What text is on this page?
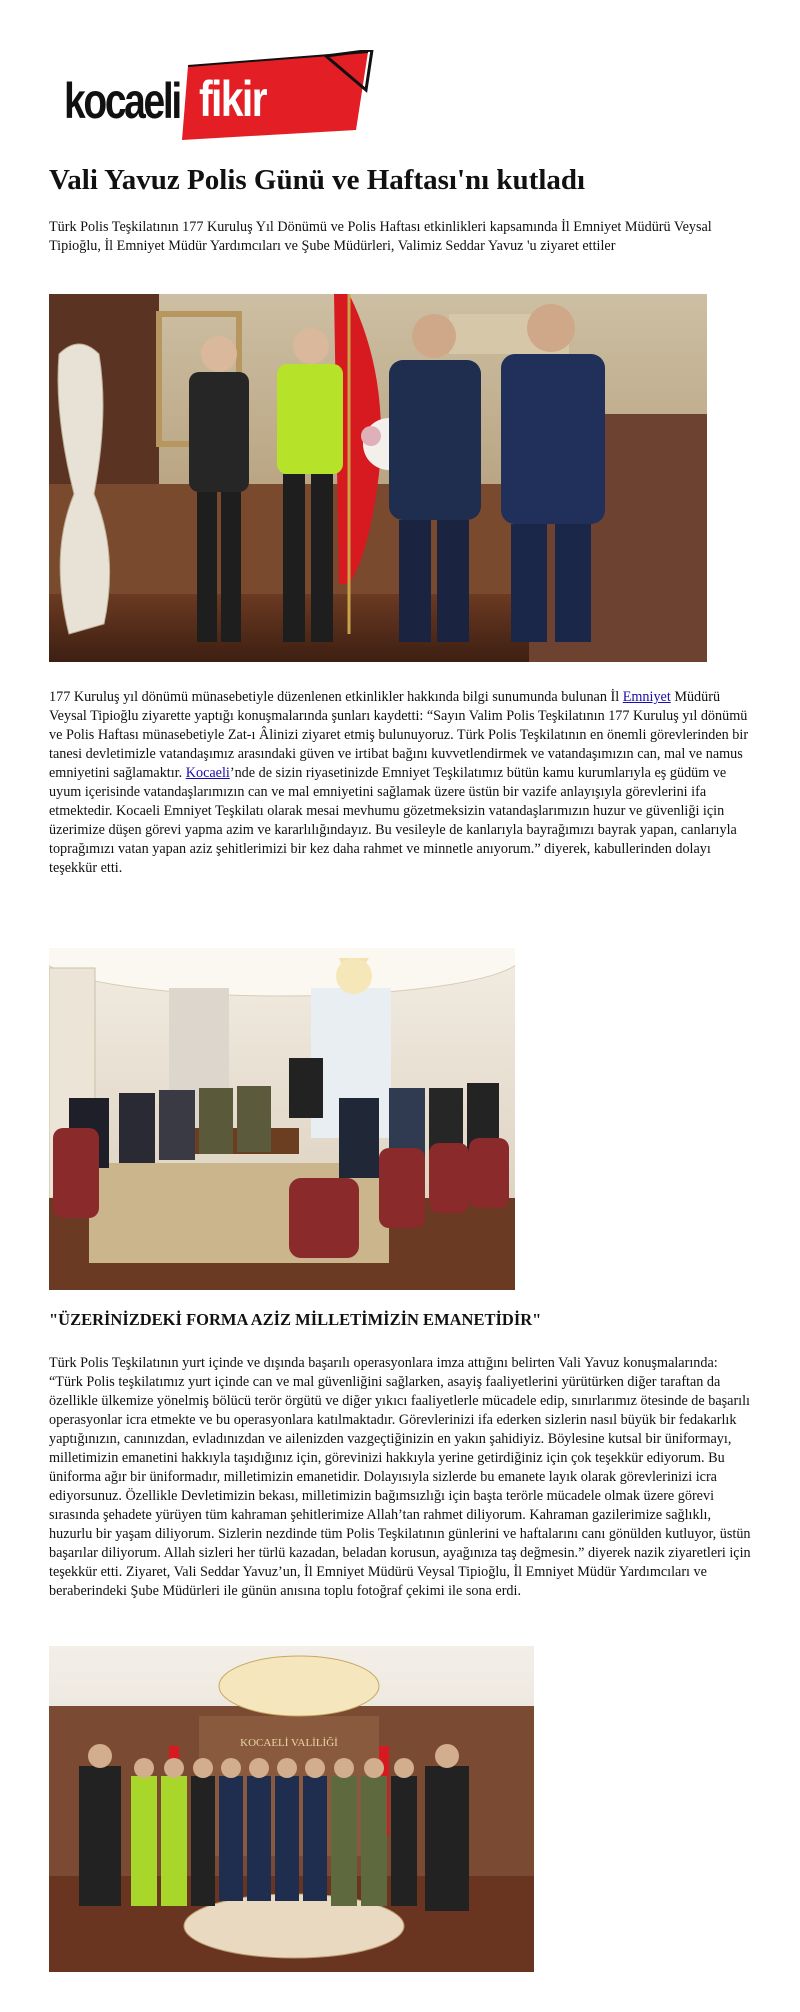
kocaeli fikir
Vali Yavuz Polis Günü ve Haftası'nı kutladı
Türk Polis Teşkilatının 177 Kuruluş Yıl Dönümü ve Polis Haftası etkinlikleri kapsamında İl Emniyet Müdürü Veysal Tipioğlu, İl Emniyet Müdür Yardımcıları ve Şube Müdürleri, Valimiz Seddar Yavuz 'u ziyaret ettiler
177 Kuruluş yıl dönümü münasebetiyle düzenlenen etkinlikler hakkında bilgi sunumunda bulunan İl Emniyet Müdürü Veysal Tipioğlu ziyarette yaptığı konuşmalarında şunları kaydetti: “Sayın Valim Polis Teşkilatının 177 Kuruluş yıl dönümü ve Polis Haftası münasebetiyle Zat-ı Âlinizi ziyaret etmiş bulunuyoruz. Türk Polis Teşkilatının en önemli görevlerinden bir tanesi devletimizle vatandaşımız arasındaki güven ve irtibat bağını kuvvetlendirmek ve vatandaşımızın can, mal ve namus emniyetini sağlamaktır. Kocaeli’nde de sizin riyasetinizde Emniyet Teşkilatımız bütün kamu kurumlarıyla eş güdüm ve uyum içerisinde vatandaşlarımızın can ve mal emniyetini sağlamak üzere üstün bir vazife anlayışıyla görevlerini ifa etmektedir. Kocaeli Emniyet Teşkilatı olarak mesai mevhumu gözetmeksizin vatandaşlarımızın huzur ve güvenliği için üzerimize düşen görevi yapma azim ve kararlılığındayız. Bu vesileyle de kanlarıyla bayrağımızı bayrak yapan, canlarıyla toprağımızı vatan yapan aziz şehitlerimizi bir kez daha rahmet ve minnetle anıyorum.” diyerek, kabullerinden dolayı teşekkür etti.
"ÜZERİNİZDEKİ FORMA AZİZ MİLLETİMİZİN EMANETİDİR"
Türk Polis Teşkilatının yurt içinde ve dışında başarılı operasyonlara imza attığını belirten Vali Yavuz konuşmalarında: “Türk Polis teşkilatımız yurt içinde can ve mal güvenliğini sağlarken, asayiş faaliyetlerini yürütürken diğer taraftan da özellikle ülkemize yönelmiş bölücü terör örgütü ve diğer yıkıcı faaliyetlerle mücadele edip, sınırlarımız ötesinde de başarılı operasyonlar icra etmekte ve bu operasyonlara katılmaktadır. Görevlerinizi ifa ederken sizlerin nasıl büyük bir fedakarlık yaptığınızın, canınızdan, evladınızdan ve ailenizden vazgeçtiğinizin en yakın şahidiyiz. Böylesine kutsal bir üniformayı, milletimizin emanetini hakkıyla taşıdığınız için, görevinizi hakkıyla yerine getirdiğiniz için çok teşekkür ediyorum. Bu üniforma ağır bir üniformadır, milletimizin emanetidir. Dolayısıyla sizlerde bu emanete layık olarak görevlerinizi icra ediyorsunuz. Özellikle Devletimizin bekası, milletimizin bağımsızlığı için başta terörle mücadele olmak üzere görevi sırasında şehadete yürüyen tüm kahraman şehitlerimize Allah’tan rahmet diliyorum. Kahraman gazilerimize sağlıklı, huzurlu bir yaşam diliyorum. Sizlerin nezdinde tüm Polis Teşkilatının günlerini ve haftalarını canı gönülden kutluyor, üstün başarılar diliyorum. Allah sizleri her türlü kazadan, beladan korusun, ayağınıza taş değmesin.” diyerek nazik ziyaretleri için teşekkür etti. Ziyaret, Vali Seddar Yavuz’un, İl Emniyet Müdürü Veysal Tipioğlu, İl Emniyet Müdür Yardımcıları ve beraberindeki Şube Müdürleri ile günün anısına toplu fotoğraf çekimi ile sona erdi.
KOCAELİ VALİLİĞİ
